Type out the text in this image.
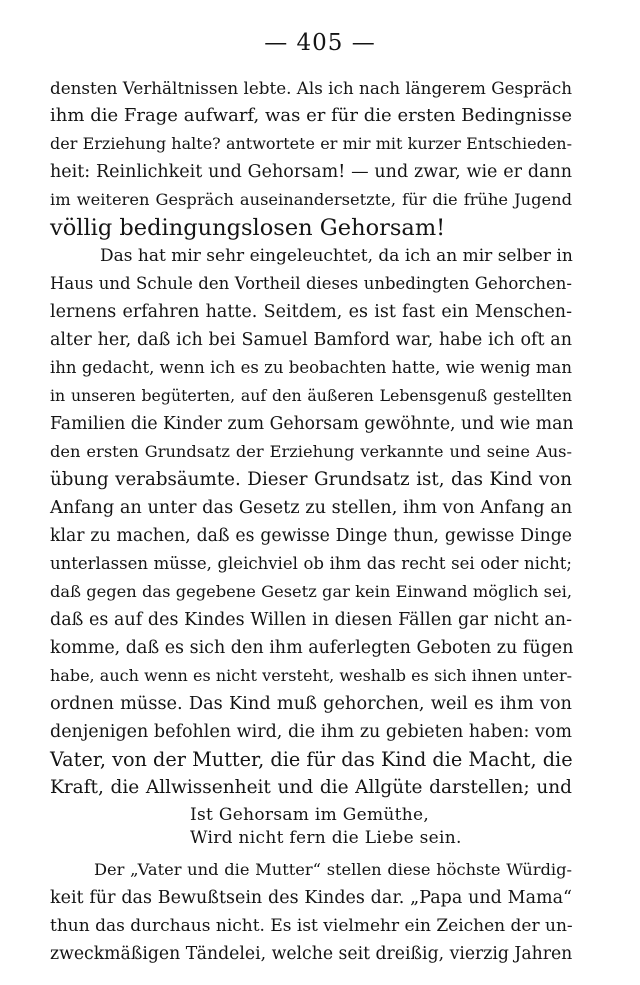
— 405 —
densten Verhältnissen lebte. Als ich nach längerem Gespräch
ihm die Frage aufwarf, was er für die ersten Bedingnisse
der Erziehung halte? antwortete er mir mit kurzer Entschieden-
heit: Reinlichkeit und Gehorsam! — und zwar, wie er dann
im weiteren Gespräch auseinandersetzte, für die frühe Jugend
völlig bedingungslosen Gehorsam!
Das hat mir sehr eingeleuchtet, da ich an mir selber in
Haus und Schule den Vortheil dieses unbedingten Gehorchen-
lernens erfahren hatte. Seitdem, es ist fast ein Menschen-
alter her, daß ich bei Samuel Bamford war, habe ich oft an
ihn gedacht, wenn ich es zu beobachten hatte, wie wenig man
in unseren begüterten, auf den äußeren Lebensgenuß gestellten
Familien die Kinder zum Gehorsam gewöhnte, und wie man
den ersten Grundsatz der Erziehung verkannte und seine Aus-
übung verabsäumte. Dieser Grundsatz ist, das Kind von
Anfang an unter das Gesetz zu stellen, ihm von Anfang an
klar zu machen, daß es gewisse Dinge thun, gewisse Dinge
unterlassen müsse, gleichviel ob ihm das recht sei oder nicht;
daß gegen das gegebene Gesetz gar kein Einwand möglich sei,
daß es auf des Kindes Willen in diesen Fällen gar nicht an-
komme, daß es sich den ihm auferlegten Geboten zu fügen
habe, auch wenn es nicht versteht, weshalb es sich ihnen unter-
ordnen müsse. Das Kind muß gehorchen, weil es ihm von
denjenigen befohlen wird, die ihm zu gebieten haben: vom
Vater, von der Mutter, die für das Kind die Macht, die
Kraft, die Allwissenheit und die Allgüte darstellen; und
Ist Gehorsam im Gemüthe,
Wird nicht fern die Liebe sein.
Der „Vater und die Mutter“ stellen diese höchste Würdig-
keit für das Bewußtsein des Kindes dar. „Papa und Mama“
thun das durchaus nicht. Es ist vielmehr ein Zeichen der un-
zweckmäßigen Tändelei, welche seit dreißig, vierzig Jahren
